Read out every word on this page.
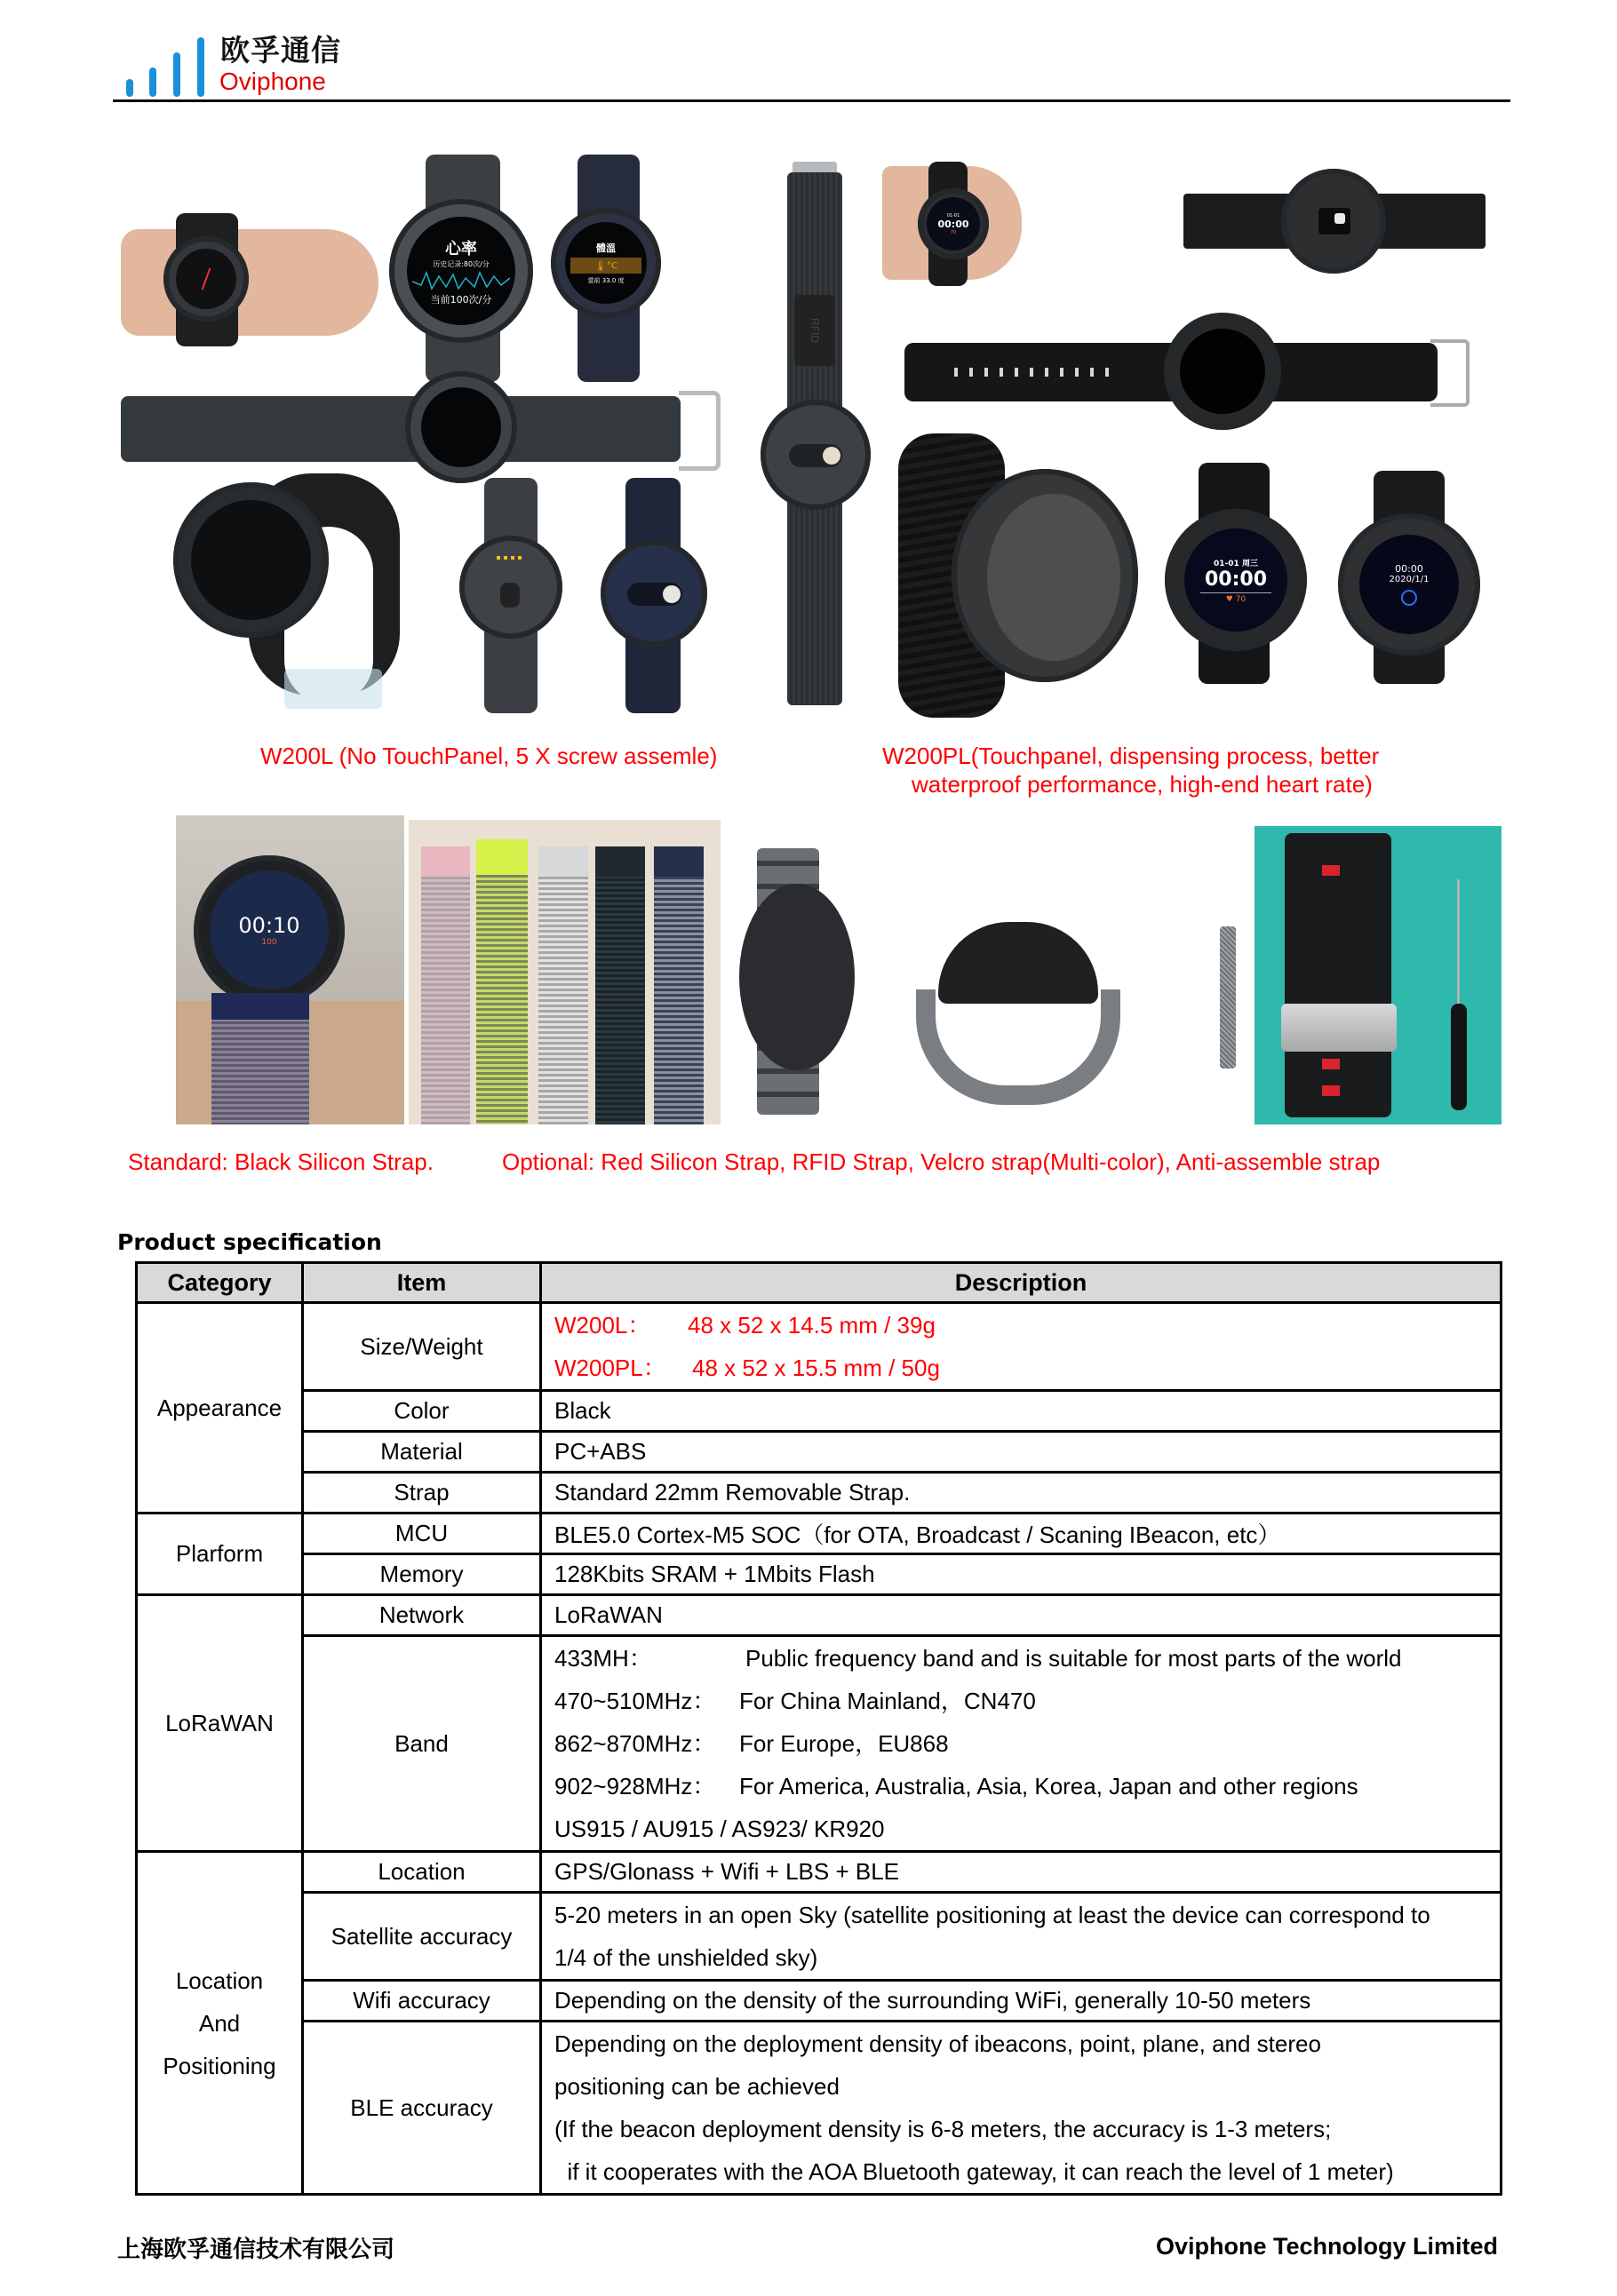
欧孚通信
Oviphone
心率
历史记录:80次/分
当前100次/分
體溫
🌡 °C
當前 33.0 度
RFID
01-01
00:00
70
01-01 周三
00:00
♥ 70
00:00
2020/1/1
W200L (No TouchPanel, 5 X screw assemle)	W200PL(Touchpanel, dispensing process, better
waterproof performance, high-end heart rate)
00:10
100
Standard: Black Silicon Strap.	Optional: Red Silicon Strap, RFID Strap, Velcro strap(Multi-color), Anti-assemble strap
Product specification
Category	Item	Description
Appearance	Size/Weight	W200L： 48 x 52 x 14.5 mm / 39g
W200PL： 48 x 52 x 15.5 mm / 50g

	Color	Black
	Material	PC+ABS
	Strap	Standard 22mm Removable Strap.
Plarform	MCU	BLE5.0 Cortex-M5 SOC（for OTA, Broadcast / Scaning IBeacon, etc）
	Memory	128Kbits SRAM + 1Mbits Flash
LoRaWAN	Network	LoRaWAN
	Band	433MH： Public frequency band and is suitable for most parts of the world
470~510MHz： For China Mainland，CN470
862~870MHz： For Europe，EU868
902~928MHz： For America, Australia, Asia, Korea, Japan and other regions
US915 / AU915 / AS923/ KR920

Location
And
Positioning	Location	GPS/Glonass + Wifi + LBS + BLE
	Satellite accuracy	5-20 meters in an open Sky (satellite positioning at least the device can correspond to
1/4 of the unshielded sky)

	Wifi accuracy	Depending on the density of the surrounding WiFi, generally 10-50 meters
	BLE accuracy	Depending on the deployment density of ibeacons, point, plane, and stereo
positioning can be achieved
(If the beacon deployment density is 6-8 meters, the accuracy is 1-3 meters;
if it cooperates with the AOA Bluetooth gateway, it can reach the level of 1 meter)
上海欧孚通信技术有限公司	Oviphone Technology Limited
